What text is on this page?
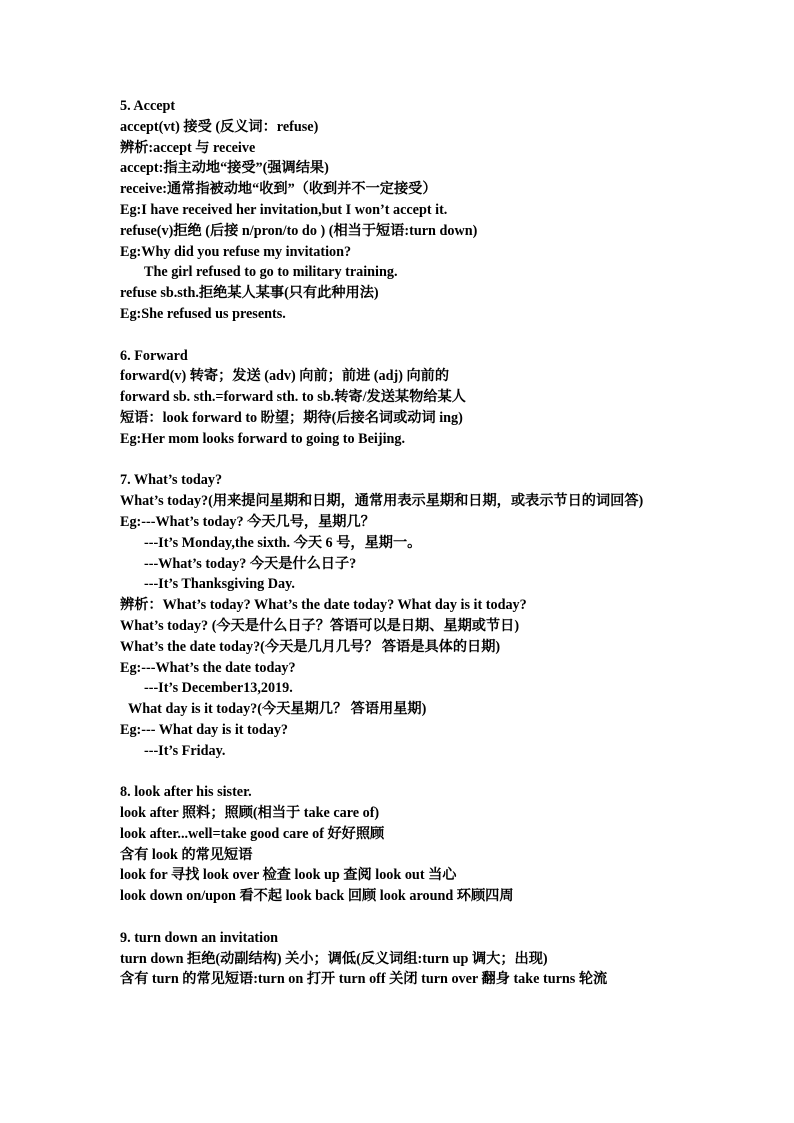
5. Accept
accept(vt) 接受 (反义词：refuse)
辨析:accept 与 receive
accept:指主动地“接受”(强调结果)
receive:通常指被动地“收到”（收到并不一定接受）
Eg:I have received her invitation,but I won’t accept it.
refuse(v)拒绝 (后接 n/pron/to do ) (相当于短语:turn down)
Eg:Why did you refuse my invitation?
The girl refused to go to military training.
refuse sb.sth.拒绝某人某事(只有此种用法)
Eg:She refused us presents.
6. Forward
forward(v) 转寄；发送 (adv) 向前；前进 (adj) 向前的
forward sb. sth.=forward sth. to sb.转寄/发送某物给某人
短语：look forward to 盼望；期待(后接名词或动词 ing)
Eg:Her mom looks forward to going to Beijing.
7. What’s today?
What’s today?(用来提问星期和日期，通常用表示星期和日期，或表示节日的词回答)
Eg:---What’s today? 今天几号，星期几？
---It’s Monday,the sixth. 今天 6 号，星期一。
---What’s today? 今天是什么日子?
---It’s Thanksgiving Day.
辨析：What’s today? What’s the date today? What day is it today?
What’s today? (今天是什么日子？答语可以是日期、星期或节日)
What’s the date today?(今天是几月几号？ 答语是具体的日期)
Eg:---What’s the date today?
---It’s December13,2019.
What day is it today?(今天星期几？ 答语用星期)
Eg:--- What day is it today?
---It’s Friday.
8. look after his sister.
look after 照料；照顾(相当于 take care of)
look after...well=take good care of 好好照顾
含有 look 的常见短语
look for 寻找 look over 检查 look up 查阅 look out 当心
look down on/upon 看不起 look back 回顾 look around 环顾四周
9. turn down an invitation
turn down 拒绝(动副结构) 关小；调低(反义词组:turn up 调大；出现)
含有 turn 的常见短语:turn on 打开 turn off 关闭 turn over 翻身 take turns 轮流
